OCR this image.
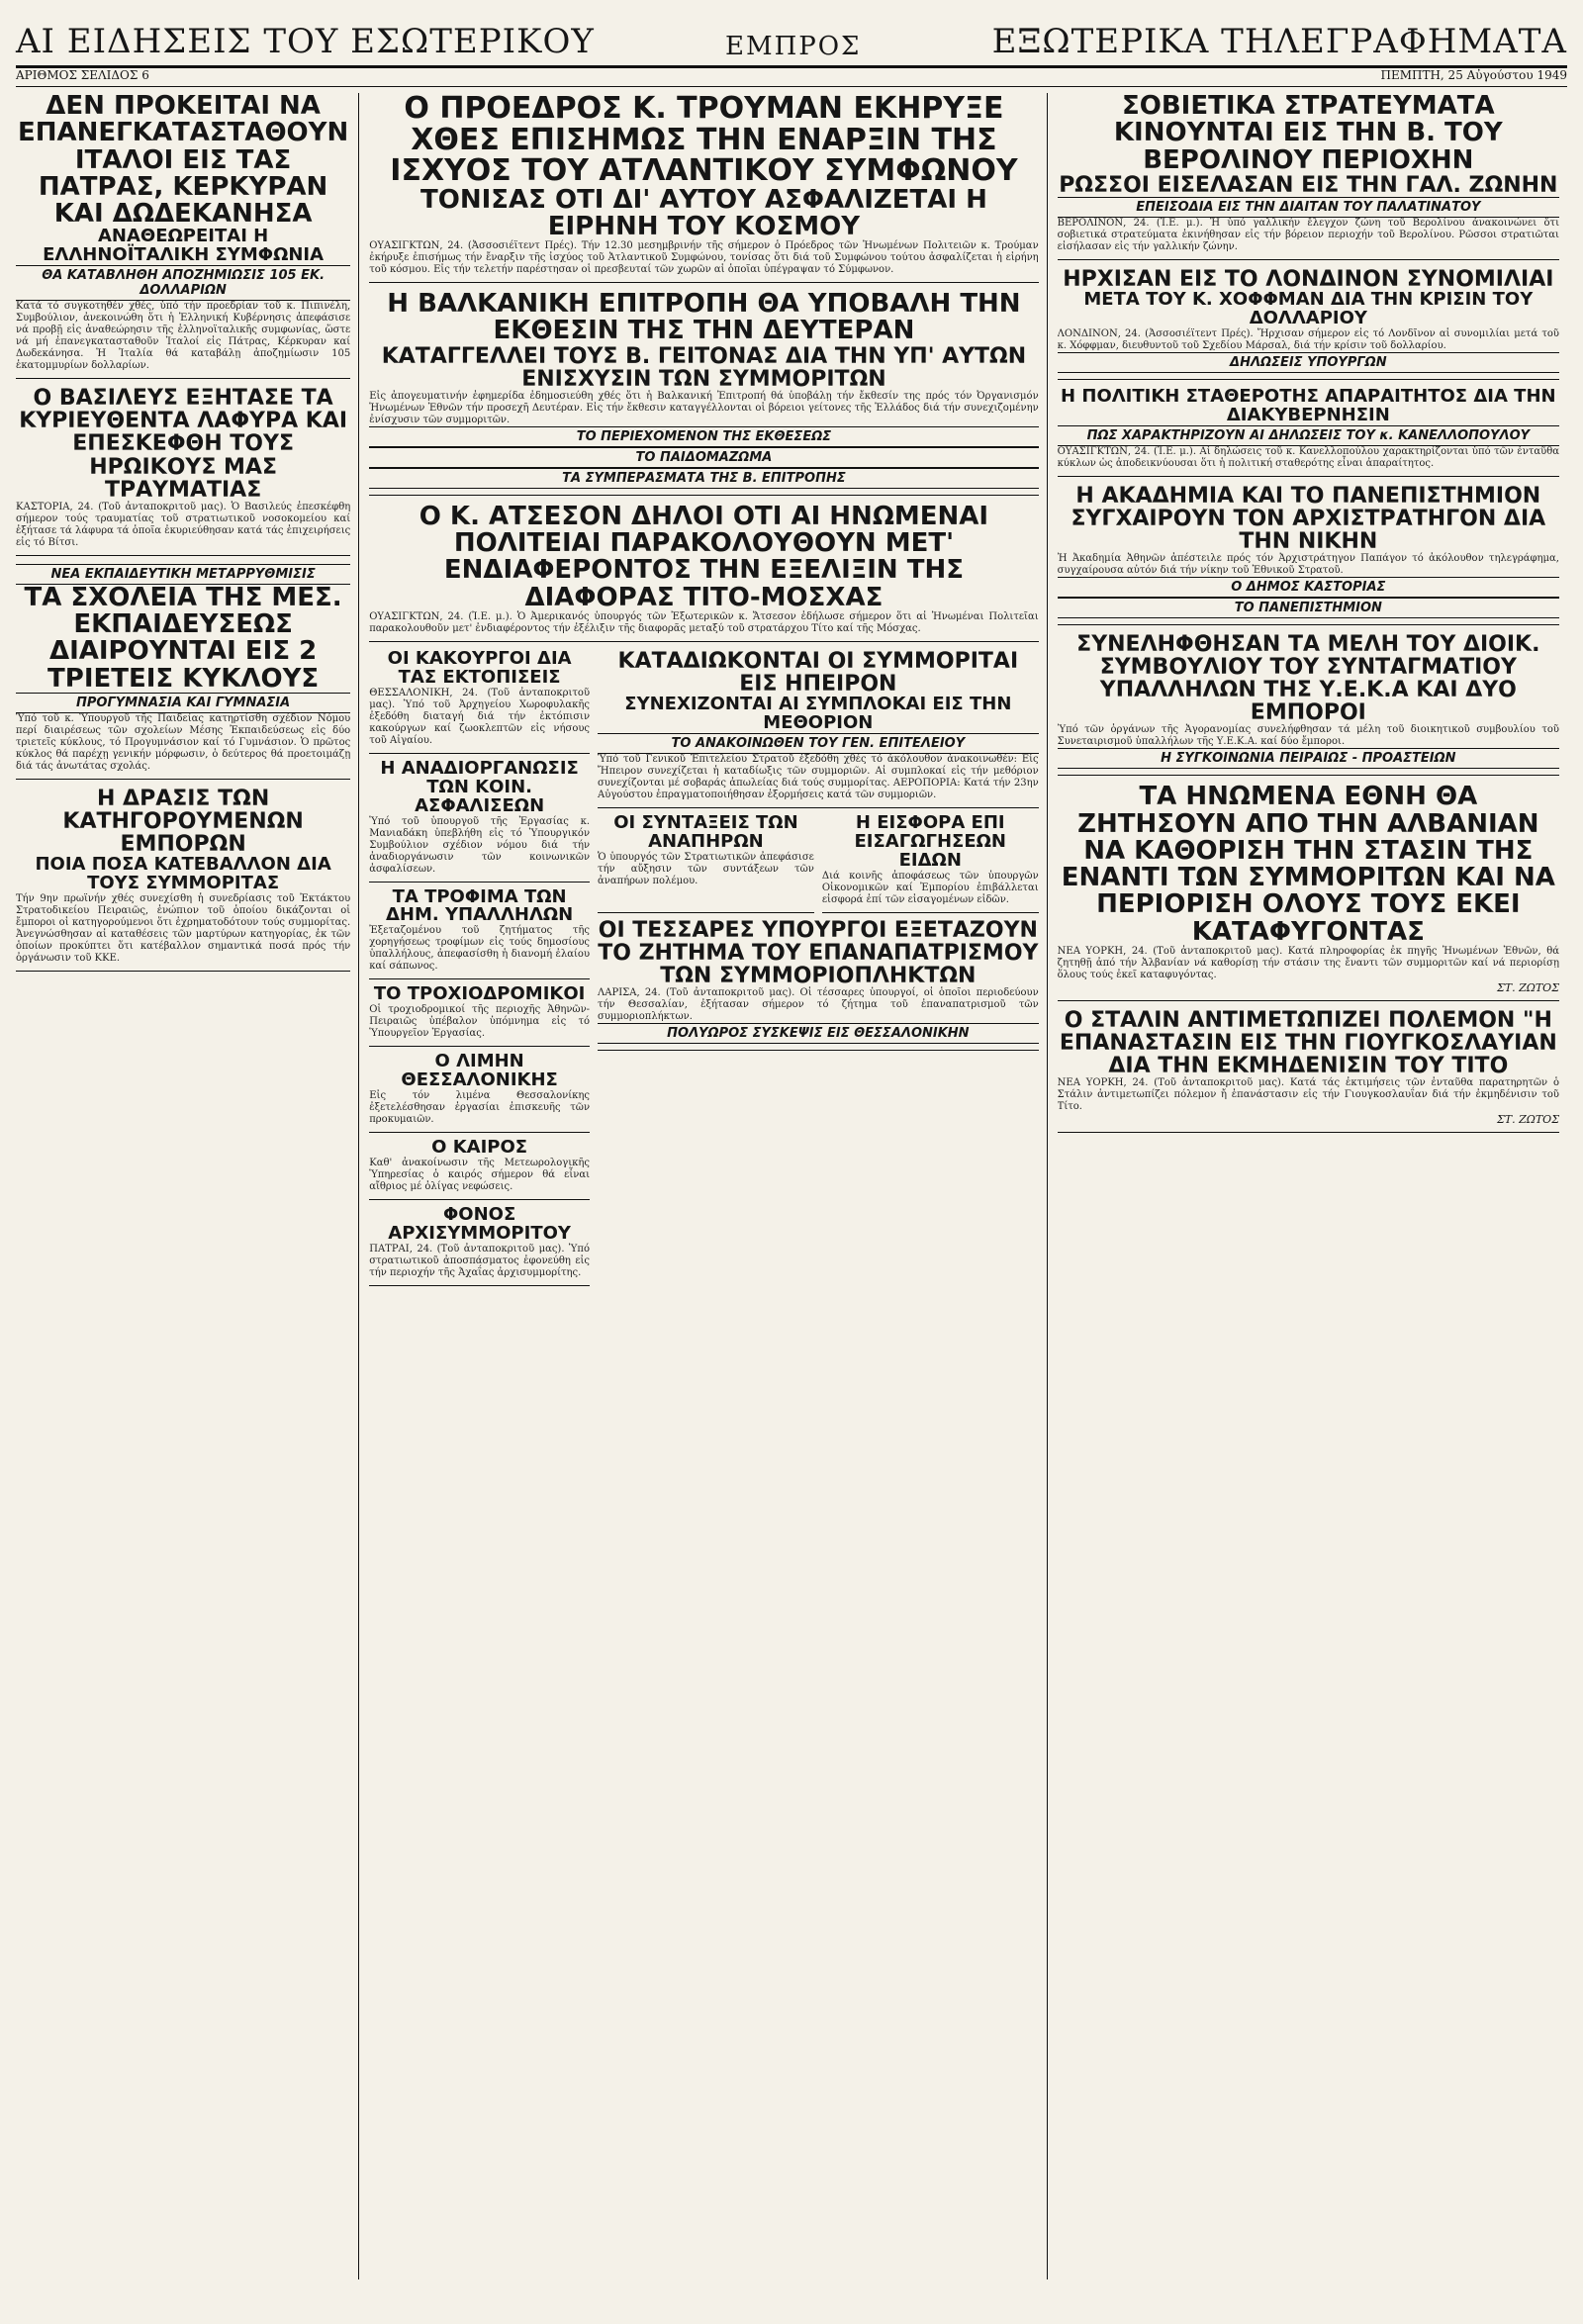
ΑΙ ΕΙΔΗΣΕΙΣ ΤΟΥ ΕΣΩΤΕΡΙΚΟΥ	ΕΜΠΡΟΣ	ΕΞΩΤΕΡΙΚΑ ΤΗΛΕΓΡΑΦΗΜΑΤΑ
ΑΡΙΘΜΟΣ ΣΕΛΙΔΟΣ 6	ΠΕΜΠΤΗ, 25 Αὐγούστου 1949
ΔΕΝ ΠΡΟΚΕΙΤΑΙ ΝΑ ΕΠΑΝΕΓΚΑΤΑΣΤΑΘΟΥΝ ΙΤΑΛΟΙ ΕΙΣ ΤΑΣ ΠΑΤΡΑΣ, ΚΕΡΚΥΡΑΝ ΚΑΙ ΔΩΔΕΚΑΝΗΣΑ
ΑΝΑΘΕΩΡΕΙΤΑΙ Η ΕΛΛΗΝΟΪΤΑΛΙΚΗ ΣΥΜΦΩΝΙΑ
ΘΑ ΚΑΤΑΒΛΗΘΗ ΑΠΟΖΗΜΙΩΣΙΣ 105 ΕΚ. ΔΟΛΛΑΡΙΩΝ
Κατά τό συγκοτηθέν χθές, ὑπό τήν προεδρίαν τοῦ κ. Πιπινέλη, Συμβούλιον, ἀνεκοινώθη ὅτι ἡ Ἑλληνική Κυβέρνησις ἀπεφάσισε νά προβῇ εἰς ἀναθεώρησιν τῆς ἑλληνοϊταλικῆς συμφωνίας, ὥστε νά μή ἐπανεγκατασταθοῦν Ἰταλοί εἰς Πάτρας, Κέρκυραν καί Δωδεκάνησα. Ἡ Ἰταλία θά καταβάλῃ ἀποζημίωσιν 105 ἑκατομμυρίων δολλαρίων.
Ο ΒΑΣΙΛΕΥΣ ΕΞΗΤΑΣΕ ΤΑ ΚΥΡΙΕΥΘΕΝΤΑ ΛΑΦΥΡΑ ΚΑΙ ΕΠΕΣΚΕΦΘΗ ΤΟΥΣ ΗΡΩΙΚΟΥΣ ΜΑΣ ΤΡΑΥΜΑΤΙΑΣ
ΚΑΣΤΟΡΙΑ, 24. (Τοῦ ἀνταποκριτοῦ μας). Ὁ Βασιλεύς ἐπεσκέφθη σήμερον τούς τραυματίας τοῦ στρατιωτικοῦ νοσοκομείου καί ἐξήτασε τά λάφυρα τά ὁποῖα ἐκυριεύθησαν κατά τάς ἐπιχειρήσεις εἰς τό Βίτσι.
ΝΕΑ ΕΚΠΑΙΔΕΥΤΙΚΗ ΜΕΤΑΡΡΥΘΜΙΣΙΣ
ΤΑ ΣΧΟΛΕΙΑ ΤΗΣ ΜΕΣ. ΕΚΠΑΙΔΕΥΣΕΩΣ ΔΙΑΙΡΟΥΝΤΑΙ ΕΙΣ 2 ΤΡΙΕΤΕΙΣ ΚΥΚΛΟΥΣ
ΠΡΟΓΥΜΝΑΣΙΑ ΚΑΙ ΓΥΜΝΑΣΙΑ
Ὑπό τοῦ κ. Ὑπουργοῦ τῆς Παιδείας κατηρτίσθη σχέδιον Νόμου περί διαιρέσεως τῶν σχολείων Μέσης Ἐκπαιδεύσεως εἰς δύο τριετεῖς κύκλους, τό Προγυμνάσιον καί τό Γυμνάσιον. Ὁ πρῶτος κύκλος θά παρέχῃ γενικήν μόρφωσιν, ὁ δεύτερος θά προετοιμάζῃ διά τάς ἀνωτάτας σχολάς.
Η ΔΡΑΣΙΣ ΤΩΝ ΚΑΤΗΓΟΡΟΥΜΕΝΩΝ ΕΜΠΟΡΩΝ
ΠΟΙΑ ΠΟΣΑ ΚΑΤΕΒΑΛΛΟΝ ΔΙΑ ΤΟΥΣ ΣΥΜΜΟΡΙΤΑΣ
Τήν 9ην πρωϊνήν χθές συνεχίσθη ἡ συνεδρίασις τοῦ Ἐκτάκτου Στρατοδικείου Πειραιῶς, ἐνώπιον τοῦ ὁποίου δικάζονται οἱ ἔμποροι οἱ κατηγορούμενοι ὅτι ἐχρηματοδότουν τούς συμμορίτας. Ἀνεγνώσθησαν αἱ καταθέσεις τῶν μαρτύρων κατηγορίας, ἐκ τῶν ὁποίων προκύπτει ὅτι κατέβαλλον σημαντικά ποσά πρός τήν ὀργάνωσιν τοῦ ΚΚΕ.
Ο ΠΡΟΕΔΡΟΣ Κ. ΤΡΟΥΜΑΝ ΕΚΗΡΥΞΕ ΧΘΕΣ ΕΠΙΣΗΜΩΣ ΤΗΝ ΕΝΑΡΞΙΝ ΤΗΣ ΙΣΧΥΟΣ ΤΟΥ ΑΤΛΑΝΤΙΚΟΥ ΣΥΜΦΩΝΟΥ
ΤΟΝΙΣΑΣ ΟΤΙ ΔΙ' ΑΥΤΟΥ ΑΣΦΑΛΙΖΕΤΑΙ Η ΕΙΡΗΝΗ ΤΟΥ ΚΟΣΜΟΥ
ΟΥΑΣΙΓΚΤΩΝ, 24. (Ἀσσοσιέϊτεντ Πρές). Τήν 12.30 μεσημβρινήν τῆς σήμερον ὁ Πρόεδρος τῶν Ἡνωμένων Πολιτειῶν κ. Τρούμαν ἐκήρυξε ἐπισήμως τήν ἔναρξιν τῆς ἰσχύος τοῦ Ἀτλαντικοῦ Συμφώνου, τονίσας ὅτι διά τοῦ Συμφώνου τούτου ἀσφαλίζεται ἡ εἰρήνη τοῦ κόσμου. Εἰς τήν τελετήν παρέστησαν οἱ πρεσβευταί τῶν χωρῶν αἱ ὁποῖαι ὑπέγραψαν τό Σύμφωνον.
Η ΒΑΛΚΑΝΙΚΗ ΕΠΙΤΡΟΠΗ ΘΑ ΥΠΟΒΑΛΗ ΤΗΝ ΕΚΘΕΣΙΝ ΤΗΣ ΤΗΝ ΔΕΥΤΕΡΑΝ
ΚΑΤΑΓΓΕΛΛΕΙ ΤΟΥΣ Β. ΓΕΙΤΟΝΑΣ ΔΙΑ ΤΗΝ ΥΠ' ΑΥΤΩΝ ΕΝΙΣΧΥΣΙΝ ΤΩΝ ΣΥΜΜΟΡΙΤΩΝ
Εἰς ἀπογευματινήν ἐφημερίδα ἐδημοσιεύθη χθές ὅτι ἡ Βαλκανική Ἐπιτροπή θά ὑποβάλῃ τήν ἔκθεσίν της πρός τόν Ὀργανισμόν Ἡνωμένων Ἐθνῶν τήν προσεχῆ Δευτέραν. Εἰς τήν ἔκθεσιν καταγγέλλονται οἱ βόρειοι γείτονες τῆς Ἑλλάδος διά τήν συνεχιζομένην ἐνίσχυσιν τῶν συμμοριτῶν.
ΤΟ ΠΕΡΙΕΧΟΜΕΝΟΝ ΤΗΣ ΕΚΘΕΣΕΩΣ
ΤΟ ΠΑΙΔΟΜΑΖΩΜΑ
ΤΑ ΣΥΜΠΕΡΑΣΜΑΤΑ ΤΗΣ Β. ΕΠΙΤΡΟΠΗΣ
Ο Κ. ΑΤΣΕΣΟΝ ΔΗΛΟΙ ΟΤΙ ΑΙ ΗΝΩΜΕΝΑΙ ΠΟΛΙΤΕΙΑΙ ΠΑΡΑΚΟΛΟΥΘΟΥΝ ΜΕΤ' ΕΝΔΙΑΦΕΡΟΝΤΟΣ ΤΗΝ ΕΞΕΛΙΞΙΝ ΤΗΣ ΔΙΑΦΟΡΑΣ ΤΙΤΟ-ΜΟΣΧΑΣ
ΟΥΑΣΙΓΚΤΩΝ, 24. (Ἰ.Ε. μ.). Ὁ Ἀμερικανός ὑπουργός τῶν Ἐξωτερικῶν κ. Ἄτσεσον ἐδήλωσε σήμερον ὅτι αἱ Ἡνωμέναι Πολιτεῖαι παρακολουθοῦν μετ' ἐνδιαφέροντος τήν ἐξέλιξιν τῆς διαφορᾶς μεταξύ τοῦ στρατάρχου Τίτο καί τῆς Μόσχας.
ΟΙ ΚΑΚΟΥΡΓΟΙ ΔΙΑ ΤΑΣ ΕΚΤΟΠΙΣΕΙΣ
ΘΕΣΣΑΛΟΝΙΚΗ, 24. (Τοῦ ἀνταποκριτοῦ μας). Ὑπό τοῦ Ἀρχηγείου Χωροφυλακῆς ἐξεδόθη διαταγή διά τήν ἐκτόπισιν κακούργων καί ζωοκλεπτῶν εἰς νήσους τοῦ Αἰγαίου.
Η ΑΝΑΔΙΟΡΓΑΝΩΣΙΣ ΤΩΝ ΚΟΙΝ. ΑΣΦΑΛΙΣΕΩΝ
Ὑπό τοῦ ὑπουργοῦ τῆς Ἐργασίας κ. Μανιαδάκη ὑπεβλήθη εἰς τό Ὑπουργικόν Συμβούλιον σχέδιον νόμου διά τήν ἀναδιοργάνωσιν τῶν κοινωνικῶν ἀσφαλίσεων.
ΤΑ ΤΡΟΦΙΜΑ ΤΩΝ ΔΗΜ. ΥΠΑΛΛΗΛΩΝ
Ἐξεταζομένου τοῦ ζητήματος τῆς χορηγήσεως τροφίμων εἰς τούς δημοσίους ὑπαλλήλους, ἀπεφασίσθη ἡ διανομή ἐλαίου καί σάπωνος.
ΤΟ ΤΡΟΧΙΟΔΡΟΜΙΚΟΙ
Οἱ τροχιοδρομικοί τῆς περιοχῆς Ἀθηνῶν-Πειραιῶς ὑπέβαλον ὑπόμνημα εἰς τό Ὑπουργεῖον Ἐργασίας.
Ο ΛΙΜΗΝ ΘΕΣΣΑΛΟΝΙΚΗΣ
Εἰς τόν λιμένα Θεσσαλονίκης ἐξετελέσθησαν ἐργασίαι ἐπισκευῆς τῶν προκυμαιῶν.
Ο ΚΑΙΡΟΣ
Καθ' ἀνακοίνωσιν τῆς Μετεωρολογικῆς Ὑπηρεσίας ὁ καιρός σήμερον θά εἶναι αἴθριος μέ ὀλίγας νεφώσεις.
ΦΟΝΟΣ ΑΡΧΙΣΥΜΜΟΡΙΤΟΥ
ΠΑΤΡΑΙ, 24. (Τοῦ ἀνταποκριτοῦ μας). Ὑπό στρατιωτικοῦ ἀποσπάσματος ἐφονεύθη εἰς τήν περιοχήν τῆς Ἀχαΐας ἀρχισυμμορίτης.
ΚΑΤΑΔΙΩΚΟΝΤΑΙ ΟΙ ΣΥΜΜΟΡΙΤΑΙ ΕΙΣ ΗΠΕΙΡΟΝ
ΣΥΝΕΧΙΖΟΝΤΑΙ ΑΙ ΣΥΜΠΛΟΚΑΙ ΕΙΣ ΤΗΝ ΜΕΘΟΡΙΟΝ
ΤΟ ΑΝΑΚΟΙΝΩΘΕΝ ΤΟΥ ΓΕΝ. ΕΠΙΤΕΛΕΙΟΥ
Ὑπό τοῦ Γενικοῦ Ἐπιτελείου Στρατοῦ ἐξεδόθη χθές τό ἀκόλουθον ἀνακοινωθέν: Εἰς Ἤπειρον συνεχίζεται ἡ καταδίωξις τῶν συμμοριῶν. Αἱ συμπλοκαί εἰς τήν μεθόριον συνεχίζονται μέ σοβαράς ἀπωλείας διά τούς συμμορίτας. ΑΕΡΟΠΟΡΙΑ: Κατά τήν 23ην Αὐγούστου ἐπραγματοποιήθησαν ἐξορμήσεις κατά τῶν συμμοριῶν.
ΟΙ ΣΥΝΤΑΞΕΙΣ ΤΩΝ ΑΝΑΠΗΡΩΝ
Ὁ ὑπουργός τῶν Στρατιωτικῶν ἀπεφάσισε τήν αὔξησιν τῶν συντάξεων τῶν ἀναπήρων πολέμου.
Η ΕΙΣΦΟΡΑ ΕΠΙ ΕΙΣΑΓΩΓΗΣΕΩΝ ΕΙΔΩΝ
Διά κοινῆς ἀποφάσεως τῶν ὑπουργῶν Οἰκονομικῶν καί Ἐμπορίου ἐπιβάλλεται εἰσφορά ἐπί τῶν εἰσαγομένων εἰδῶν.
ΟΙ ΤΕΣΣΑΡΕΣ ΥΠΟΥΡΓΟΙ ΕΞΕΤΑΖΟΥΝ ΤΟ ΖΗΤΗΜΑ ΤΟΥ ΕΠΑΝΑΠΑΤΡΙΣΜΟΥ ΤΩΝ ΣΥΜΜΟΡΙΟΠΛΗΚΤΩΝ
ΛΑΡΙΣΑ, 24. (Τοῦ ἀνταποκριτοῦ μας). Οἱ τέσσαρες ὑπουργοί, οἱ ὁποῖοι περιοδεύουν τήν Θεσσαλίαν, ἐξήτασαν σήμερον τό ζήτημα τοῦ ἐπαναπατρισμοῦ τῶν συμμοριοπλήκτων.
ΠΟΛΥΩΡΟΣ ΣΥΣΚΕΨΙΣ ΕΙΣ ΘΕΣΣΑΛΟΝΙΚΗΝ
ΣΟΒΙΕΤΙΚΑ ΣΤΡΑΤΕΥΜΑΤΑ ΚΙΝΟΥΝΤΑΙ ΕΙΣ ΤΗΝ Β. ΤΟΥ ΒΕΡΟΛΙΝΟΥ ΠΕΡΙΟΧΗΝ
ΡΩΣΣΟΙ ΕΙΣΕΛΑΣΑΝ ΕΙΣ ΤΗΝ ΓΑΛ. ΖΩΝΗΝ
ΕΠΕΙΣΟΔΙΑ ΕΙΣ ΤΗΝ ΔΙΑΙΤΑΝ ΤΟΥ ΠΑΛΑΤΙΝΑΤΟΥ
ΒΕΡΟΛΙΝΟΝ, 24. (Ἰ.Ε. μ.). Ἡ ὑπό γαλλικήν ἔλεγχον ζώνη τοῦ Βερολίνου ἀνακοινώνει ὅτι σοβιετικά στρατεύματα ἐκινήθησαν εἰς τήν βόρειον περιοχήν τοῦ Βερολίνου. Ρῶσσοι στρατιῶται εἰσήλασαν εἰς τήν γαλλικήν ζώνην.
ΗΡΧΙΣΑΝ ΕΙΣ ΤΟ ΛΟΝΔΙΝΟΝ ΣΥΝΟΜΙΛΙΑΙ
ΜΕΤΑ ΤΟΥ Κ. ΧΟΦΦΜΑΝ ΔΙΑ ΤΗΝ ΚΡΙΣΙΝ ΤΟΥ ΔΟΛΛΑΡΙΟΥ
ΛΟΝΔΙΝΟΝ, 24. (Ἀσσοσιέϊτεντ Πρές). Ἤρχισαν σήμερον εἰς τό Λονδῖνον αἱ συνομιλίαι μετά τοῦ κ. Χόφφμαν, διευθυντοῦ τοῦ Σχεδίου Μάρσαλ, διά τήν κρίσιν τοῦ δολλαρίου.
ΔΗΛΩΣΕΙΣ ΥΠΟΥΡΓΩΝ
Η ΠΟΛΙΤΙΚΗ ΣΤΑΘΕΡΟΤΗΣ ΑΠΑΡΑΙΤΗΤΟΣ ΔΙΑ ΤΗΝ ΔΙΑΚΥΒΕΡΝΗΣΙΝ
ΠΩΣ ΧΑΡΑΚΤΗΡΙΖΟΥΝ ΑΙ ΔΗΛΩΣΕΙΣ ΤΟΥ κ. ΚΑΝΕΛΛΟΠΟΥΛΟΥ
ΟΥΑΣΙΓΚΤΩΝ, 24. (Ἰ.Ε. μ.). Αἱ δηλώσεις τοῦ κ. Κανελλοπούλου χαρακτηρίζονται ὑπό τῶν ἐνταῦθα κύκλων ὡς ἀποδεικνύουσαι ὅτι ἡ πολιτική σταθερότης εἶναι ἀπαραίτητος.
Η ΑΚΑΔΗΜΙΑ ΚΑΙ ΤΟ ΠΑΝΕΠΙΣΤΗΜΙΟΝ ΣΥΓΧΑΙΡΟΥΝ ΤΟΝ ΑΡΧΙΣΤΡΑΤΗΓΟΝ ΔΙΑ ΤΗΝ ΝΙΚΗΝ
Ἡ Ἀκαδημία Ἀθηνῶν ἀπέστειλε πρός τόν Ἀρχιστράτηγον Παπάγον τό ἀκόλουθον τηλεγράφημα, συγχαίρουσα αὐτόν διά τήν νίκην τοῦ Ἐθνικοῦ Στρατοῦ.
Ο ΔΗΜΟΣ ΚΑΣΤΟΡΙΑΣ
ΤΟ ΠΑΝΕΠΙΣΤΗΜΙΟΝ
ΣΥΝΕΛΗΦΘΗΣΑΝ ΤΑ ΜΕΛΗ ΤΟΥ ΔΙΟΙΚ. ΣΥΜΒΟΥΛΙΟΥ ΤΟΥ ΣΥΝΤΑΓΜΑΤΙΟΥ ΥΠΑΛΛΗΛΩΝ ΤΗΣ Υ.Ε.Κ.Α ΚΑΙ ΔΥΟ ΕΜΠΟΡΟΙ
Ὑπό τῶν ὀργάνων τῆς Ἀγορανομίας συνελήφθησαν τά μέλη τοῦ διοικητικοῦ συμβουλίου τοῦ Συνεταιρισμοῦ ὑπαλλήλων τῆς Υ.Ε.Κ.Α. καί δύο ἔμποροι.
Η ΣΥΓΚΟΙΝΩΝΙΑ ΠΕΙΡΑΙΩΣ - ΠΡΟΑΣΤΕΙΩΝ
ΤΑ ΗΝΩΜΕΝΑ ΕΘΝΗ ΘΑ ΖΗΤΗΣΟΥΝ ΑΠΟ ΤΗΝ ΑΛΒΑΝΙΑΝ ΝΑ ΚΑΘΟΡΙΣΗ ΤΗΝ ΣΤΑΣΙΝ ΤΗΣ ΕΝΑΝΤΙ ΤΩΝ ΣΥΜΜΟΡΙΤΩΝ ΚΑΙ ΝΑ ΠΕΡΙΟΡΙΣΗ ΟΛΟΥΣ ΤΟΥΣ ΕΚΕΙ ΚΑΤΑΦΥΓΟΝΤΑΣ
ΝΕΑ ΥΟΡΚΗ, 24. (Τοῦ ἀνταποκριτοῦ μας). Κατά πληροφορίας ἐκ πηγῆς Ἡνωμένων Ἐθνῶν, θά ζητηθῇ ἀπό τήν Ἀλβανίαν νά καθορίσῃ τήν στάσιν της ἔναντι τῶν συμμοριτῶν καί νά περιορίσῃ ὅλους τούς ἐκεῖ καταφυγόντας.
ΣΤ. ΖΩΤΟΣ
Ο ΣΤΑΛΙΝ ΑΝΤΙΜΕΤΩΠΙΖΕΙ ΠΟΛΕΜΟΝ "Η ΕΠΑΝΑΣΤΑΣΙΝ ΕΙΣ ΤΗΝ ΓΙΟΥΓΚΟΣΛΑΥΙΑΝ ΔΙΑ ΤΗΝ ΕΚΜΗΔΕΝΙΣΙΝ ΤΟΥ ΤΙΤΟ
ΝΕΑ ΥΟΡΚΗ, 24. (Τοῦ ἀνταποκριτοῦ μας). Κατά τάς ἐκτιμήσεις τῶν ἐνταῦθα παρατηρητῶν ὁ Στάλιν ἀντιμετωπίζει πόλεμον ἤ ἐπανάστασιν εἰς τήν Γιουγκοσλαυΐαν διά τήν ἐκμηδένισιν τοῦ Τίτο.
ΣΤ. ΖΩΤΟΣ
